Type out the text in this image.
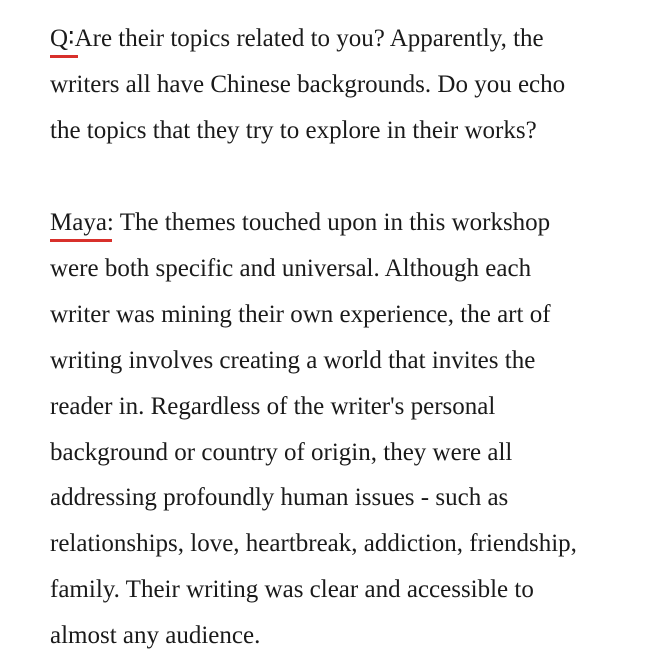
Q∶
Are their topics related to you? Apparently, the
writers all have Chinese backgrounds. Do you echo
the topics that they try to explore in their works?

Maya: The themes touched upon in this workshop
were both specific and universal. Although each
writer was mining their own experience, the art of
writing involves creating a world that invites the
reader in. Regardless of the writer's personal
background or country of origin, they were all
addressing profoundly human issues - such as
relationships, love, heartbreak, addiction, friendship,
family. Their writing was clear and accessible to
almost any audience.
